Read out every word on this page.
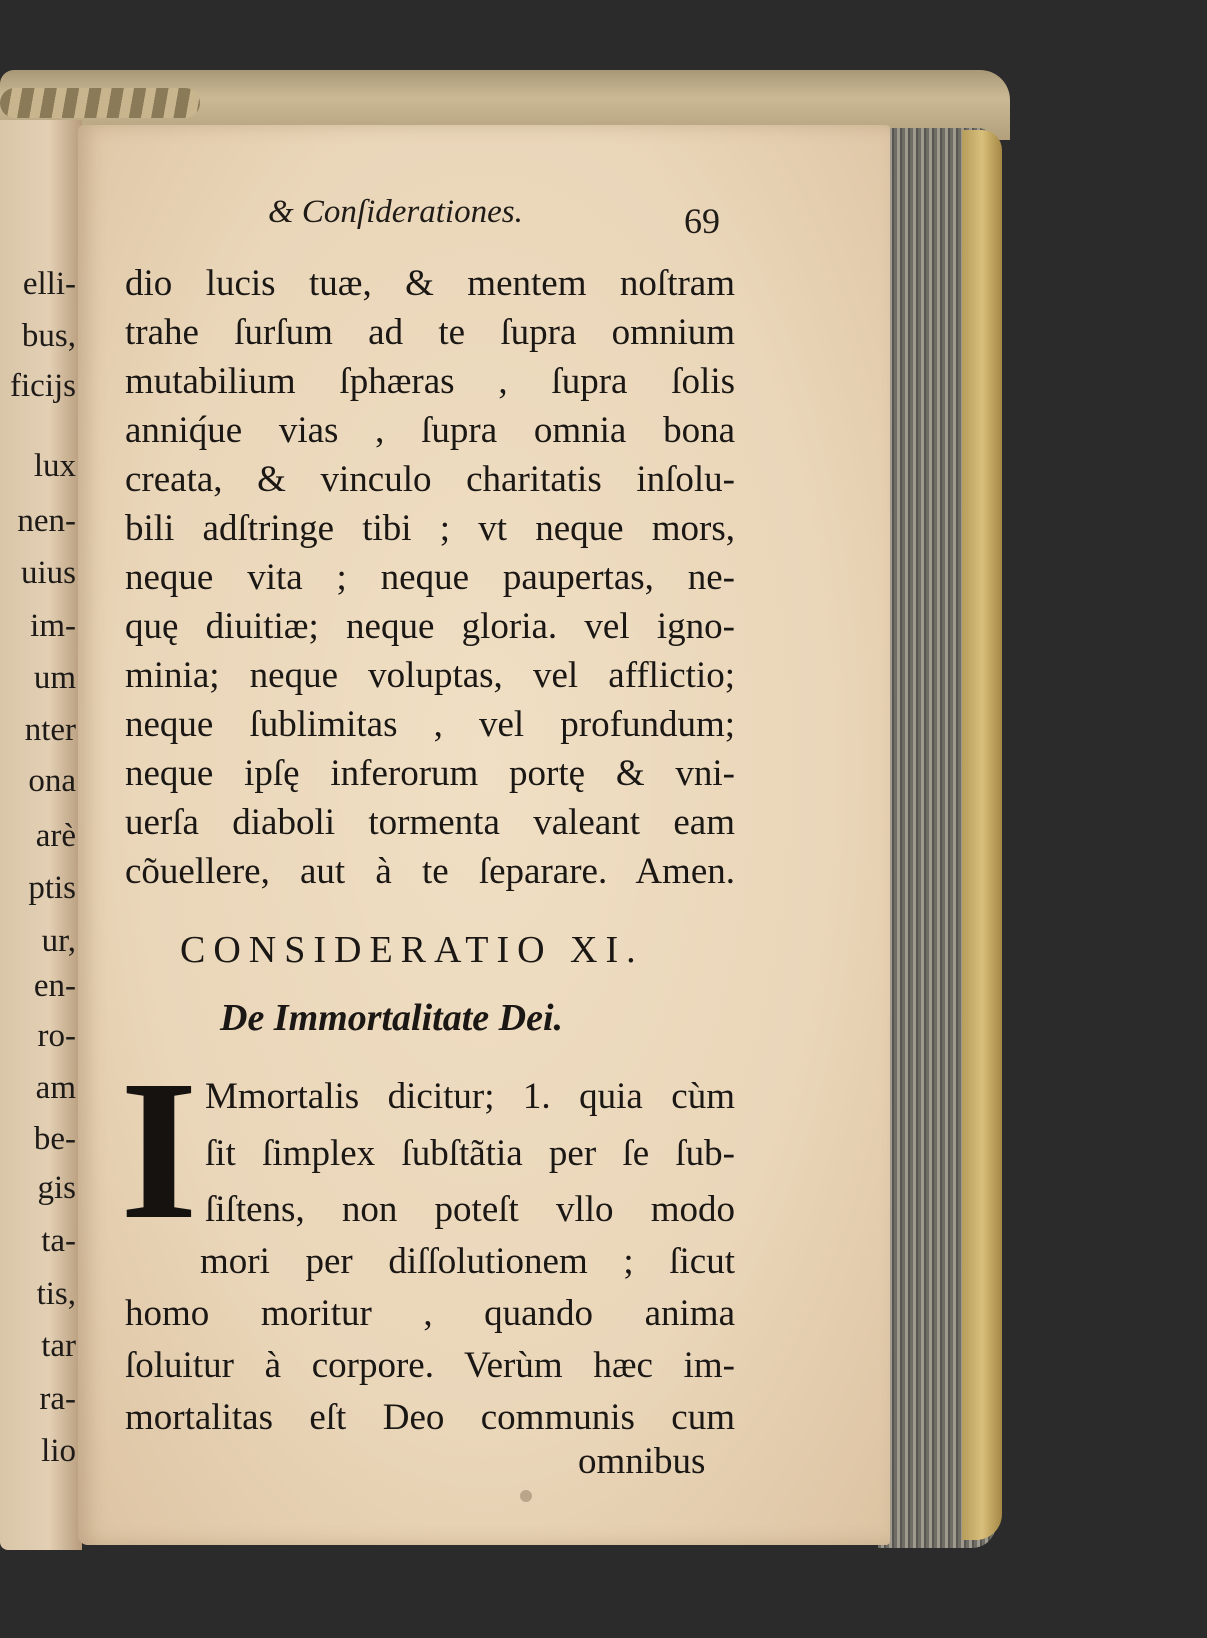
elli-
bus,
ficijs
lux
nen-
uius
im-
um
nter
ona
arè
ptis
ur,
en-
ro-
am
be-
gis
ta-
tis,
tar
ra-
lio
& Conſiderationes.	69
dio lucis tuæ, & mentem noſtram
trahe ſurſum ad te ſupra omnium
mutabilium ſphæras , ſupra ſolis
anniq́ue vias , ſupra omnia bona
creata, & vinculo charitatis inſolu-
bili adſtringe tibi ; vt neque mors,
neque vita ; neque paupertas, ne-
quę diuitiæ; neque gloria. vel igno-
minia; neque voluptas, vel afflictio;
neque ſublimitas , vel profundum;
neque ipſę inferorum portę & vni-
uerſa diaboli tormenta valeant eam
cõuellere, aut à te ſeparare. Amen.
CONSIDERATIO XI.
De Immortalitate Dei.
I Mmortalis dicitur; 1. quia cùm
ſit ſimplex ſubſtãtia per ſe ſub-
ſiſtens, non poteſt vllo modo
mori per diſſolutionem ; ſicut
homo moritur , quando anima
ſoluitur à corpore. Verùm hæc im-
mortalitas eſt Deo communis cum
omnibus
